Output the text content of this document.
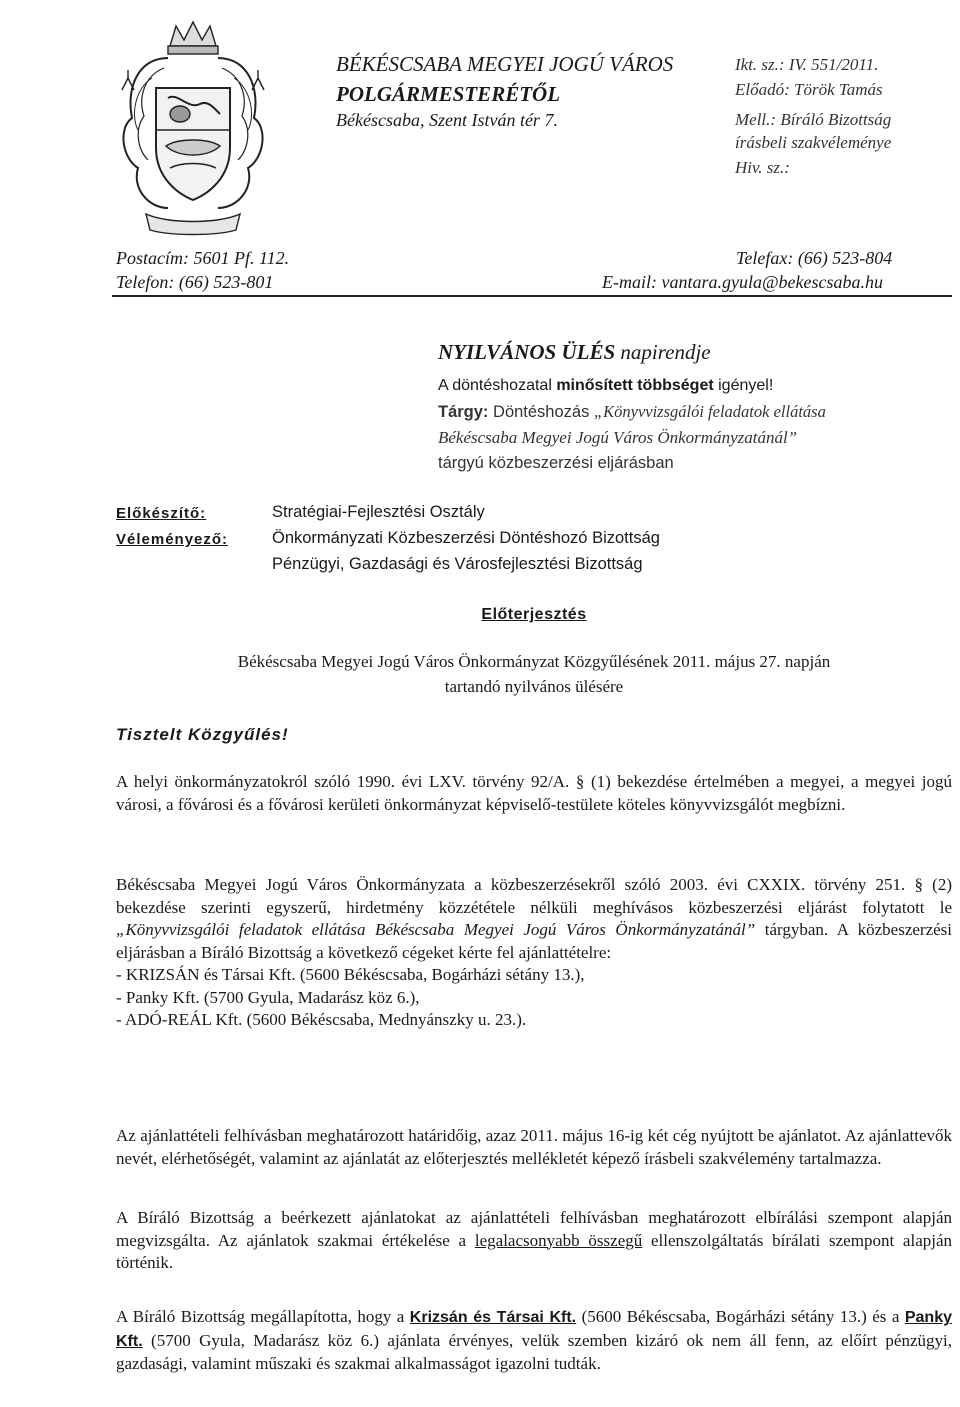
BÉKÉSCSABA MEGYEI JOGÚ VÁROS
POLGÁRMESTERÉTŐL
Békéscsaba, Szent István tér 7.
Ikt. sz.: IV. 551/2011.
Előadó: Török Tamás
Mell.: Bíráló Bizottság
írásbeli szakvéleménye
Hiv. sz.:
Postacím: 5601 Pf. 112.
Telefon: (66) 523-801
Telefax: (66) 523-804
E-mail: vantara.gyula@bekescsaba.hu
NYILVÁNOS ÜLÉS napirendje
A döntéshozatal minősített többséget igényel!
Tárgy: Döntéshozás „Könyvvizsgálói feladatok ellátása
Békéscsaba Megyei Jogú Város Önkormányzatánál”
tárgyú közbeszerzési eljárásban
Előkészítő:	Stratégiai-Fejlesztési Osztály
Véleményező:	Önkormányzati Közbeszerzési Döntéshozó Bizottság
Pénzügyi, Gazdasági és Városfejlesztési Bizottság
Előterjesztés
Békéscsaba Megyei Jogú Város Önkormányzat Közgyűlésének 2011. május 27. napján
tartandó nyilvános ülésére
Tisztelt Közgyűlés!
A helyi önkormányzatokról szóló 1990. évi LXV. törvény 92/A. § (1) bekezdése értelmében a megyei, a megyei jogú városi, a fővárosi és a fővárosi kerületi önkormányzat képviselő-testülete köteles könyvvizsgálót megbízni.
Békéscsaba Megyei Jogú Város Önkormányzata a közbeszerzésekről szóló 2003. évi CXXIX. törvény 251. § (2) bekezdése szerinti egyszerű, hirdetmény közzététele nélküli meghívásos közbeszerzési eljárást folytatott le „Könyvvizsgálói feladatok ellátása Békéscsaba Megyei Jogú Város Önkormányzatánál” tárgyban. A közbeszerzési eljárásban a Bíráló Bizottság a következő cégeket kérte fel ajánlattételre:
- KRIZSÁN és Társai Kft. (5600 Békéscsaba, Bogárházi sétány 13.),
- Panky Kft. (5700 Gyula, Madarász köz 6.),
- ADÓ-REÁL Kft. (5600 Békéscsaba, Mednyánszky u. 23.).
Az ajánlattételi felhívásban meghatározott határidőig, azaz 2011. május 16-ig két cég nyújtott be ajánlatot. Az ajánlattevők nevét, elérhetőségét, valamint az ajánlatát az előterjesztés mellékletét képező írásbeli szakvélemény tartalmazza.
A Bíráló Bizottság a beérkezett ajánlatokat az ajánlattételi felhívásban meghatározott elbírálási szempont alapján megvizsgálta. Az ajánlatok szakmai értékelése a legalacsonyabb összegű ellenszolgáltatás bírálati szempont alapján történik.
A Bíráló Bizottság megállapította, hogy a Krizsán és Társai Kft. (5600 Békéscsaba, Bogárházi sétány 13.) és a Panky Kft. (5700 Gyula, Madarász köz 6.) ajánlata érvényes, velük szemben kizáró ok nem áll fenn, az előírt pénzügyi, gazdasági, valamint műszaki és szakmai alkalmasságot igazolni tudták.
